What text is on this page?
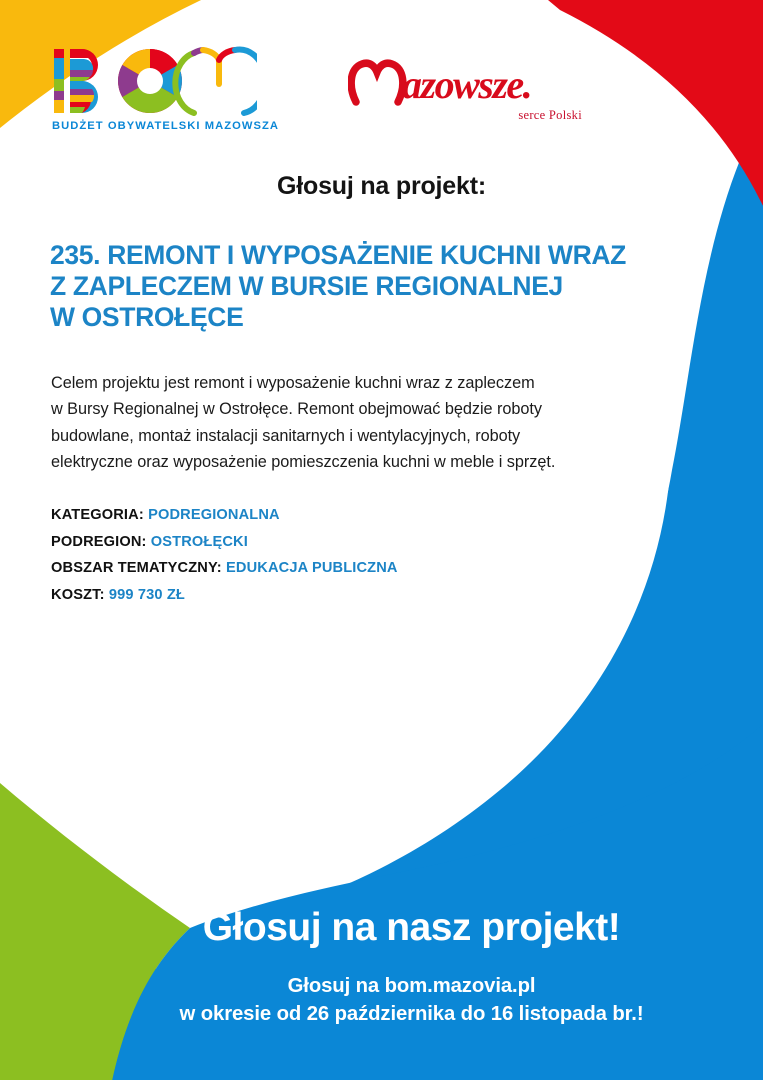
BUDŻET OBYWATELSKI MAZOWSZA
azowsze.
serce Polski
Głosuj na projekt:
235. REMONT I WYPOSAŻENIE KUCHNI WRAZ
Z ZAPLECZEM W BURSIE REGIONALNEJ
W OSTROŁĘCE
Celem projektu jest remont i wyposażenie kuchni wraz z zapleczem
w Bursy Regionalnej w Ostrołęce. Remont obejmować będzie roboty
budowlane, montaż instalacji sanitarnych i wentylacyjnych, roboty
elektryczne oraz wyposażenie pomieszczenia kuchni w meble i sprzęt.
KATEGORIA: PODREGIONALNA
PODREGION: OSTROŁĘCKI
OBSZAR TEMATYCZNY: EDUKACJA PUBLICZNA
KOSZT: 999 730 ZŁ
Głosuj na nasz projekt!
Głosuj na bom.mazovia.pl
w okresie od 26 października do 16 listopada br.!
